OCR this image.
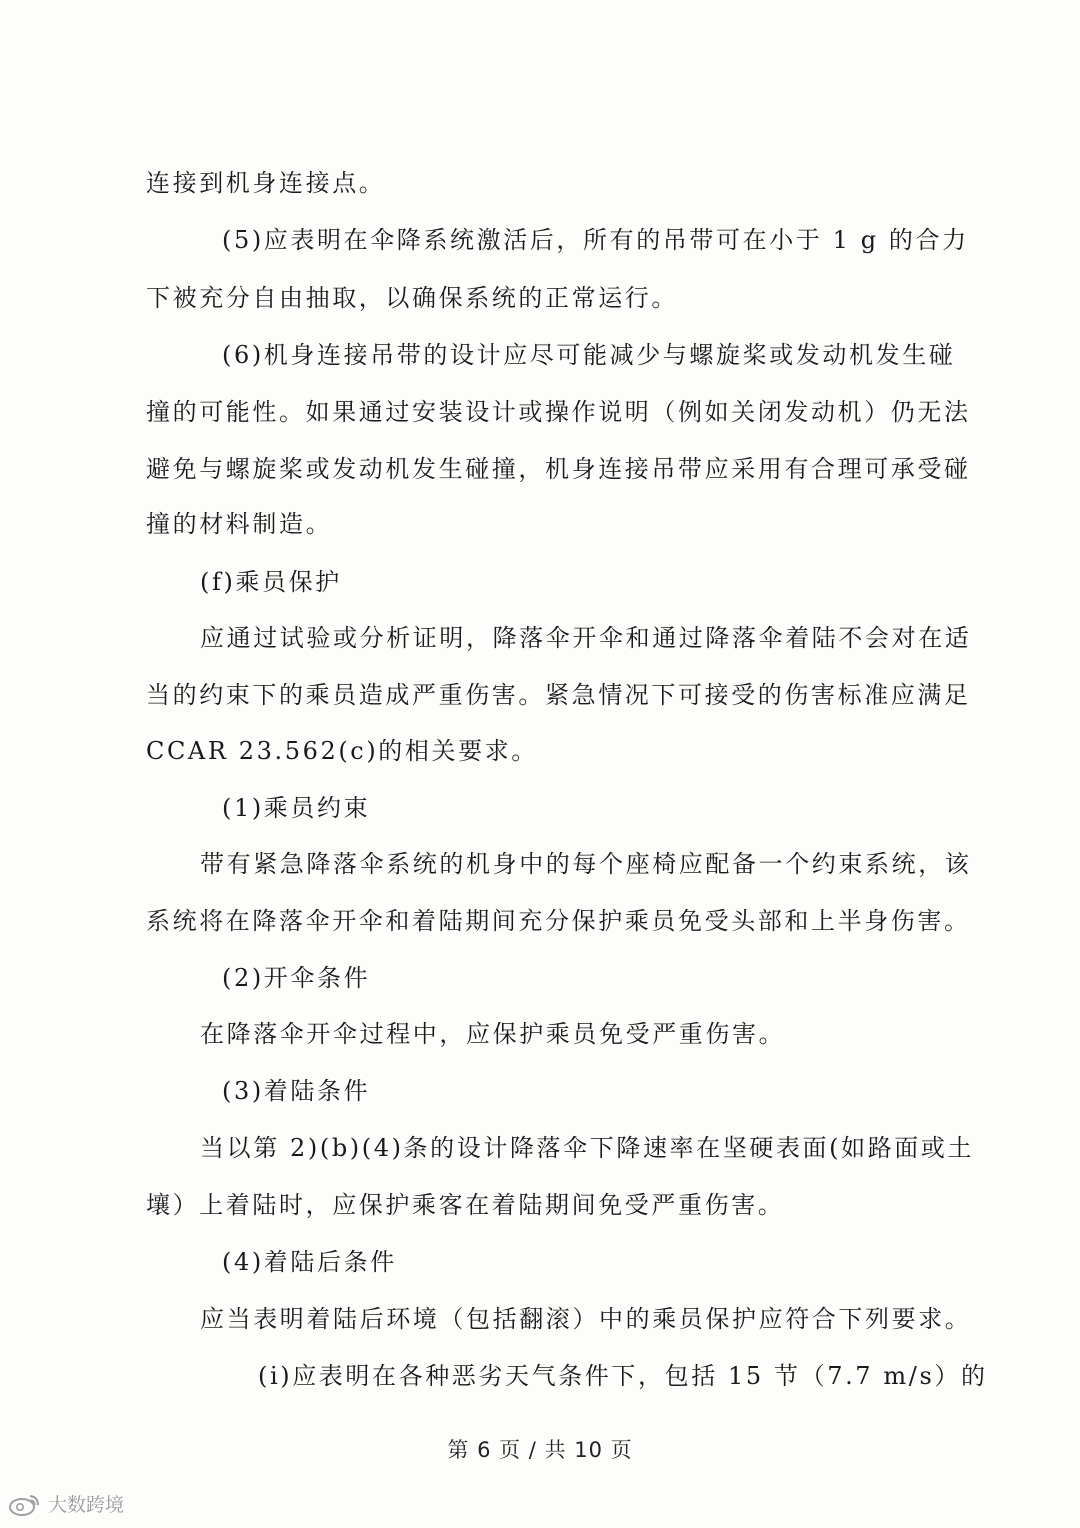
连接到机身连接点。
(5)应表明在伞降系统激活后，所有的吊带可在小于 1 g 的合力
下被充分自由抽取，以确保系统的正常运行。
(6)机身连接吊带的设计应尽可能减少与螺旋桨或发动机发生碰
撞的可能性。如果通过安装设计或操作说明（例如关闭发动机）仍无法
避免与螺旋桨或发动机发生碰撞，机身连接吊带应采用有合理可承受碰
撞的材料制造。
(f)乘员保护
应通过试验或分析证明，降落伞开伞和通过降落伞着陆不会对在适
当的约束下的乘员造成严重伤害。紧急情况下可接受的伤害标准应满足
CCAR 23.562(c)的相关要求。
(1)乘员约束
带有紧急降落伞系统的机身中的每个座椅应配备一个约束系统，该
系统将在降落伞开伞和着陆期间充分保护乘员免受头部和上半身伤害。
(2)开伞条件
在降落伞开伞过程中，应保护乘员免受严重伤害。
(3)着陆条件
当以第 2)(b)(4)条的设计降落伞下降速率在坚硬表面(如路面或土
壤）上着陆时，应保护乘客在着陆期间免受严重伤害。
(4)着陆后条件
应当表明着陆后环境（包括翻滚）中的乘员保护应符合下列要求。
(i)应表明在各种恶劣天气条件下，包括 15 节（7.7 m/s）的
第 6 页 / 共 10 页
大数跨境
